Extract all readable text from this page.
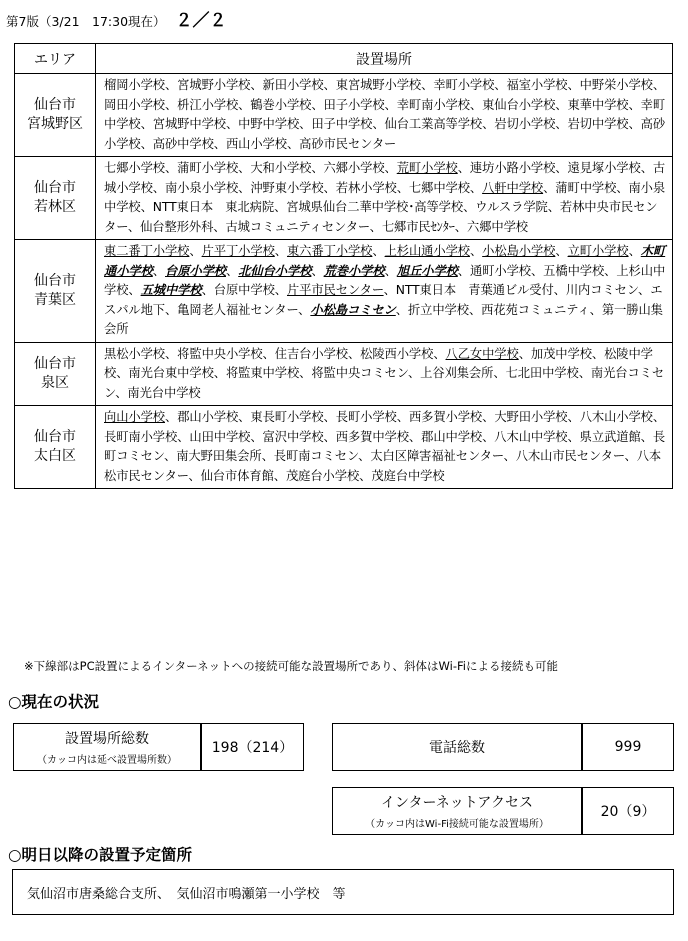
第7版（3/21　17:30現在） ２／２
エリア	設置場所

仙台市
宮城野区	榴岡小学校、宮城野小学校、新田小学校、東宮城野小学校、幸町小学校、福室小学校、中野栄小学校、岡田小学校、枡江小学校、鶴巻小学校、田子小学校、幸町南小学校、東仙台小学校、東華中学校、幸町中学校、宮城野中学校、中野中学校、田子中学校、仙台工業高等学校、岩切小学校、岩切中学校、高砂小学校、高砂中学校、西山小学校、高砂市民センター

仙台市
若林区	七郷小学校、蒲町小学校、大和小学校、六郷小学校、荒町小学校、連坊小路小学校、遠見塚小学校、古城小学校、南小泉小学校、沖野東小学校、若林小学校、七郷中学校、八軒中学校、蒲町中学校、南小泉中学校、NTT東日本　東北病院、宮城県仙台二華中学校･高等学校、ウルスラ学院、若林中央市民センター、仙台整形外科、古城コミュニティセンター、七郷市民ｾﾝﾀｰ、六郷中学校

仙台市
青葉区	東二番丁小学校、片平丁小学校、東六番丁小学校、上杉山通小学校、小松島小学校、立町小学校、木町通小学校、台原小学校、北仙台小学校、荒巻小学校、旭丘小学校、通町小学校、五橋中学校、上杉山中学校、五城中学校、台原中学校、片平市民センター、NTT東日本　青葉通ビル受付、川内コミセン、エスパル地下、亀岡老人福祉センター、小松島コミセン、折立中学校、西花苑コミュニティ、第一勝山集会所

仙台市
泉区	黒松小学校、将監中央小学校、住吉台小学校、松陵西小学校、八乙女中学校、加茂中学校、松陵中学校、南光台東中学校、将監東中学校、将監中央コミセン、上谷刈集会所、七北田中学校、南光台コミセン、南光台中学校

仙台市
太白区	向山小学校、郡山小学校、東長町小学校、長町小学校、西多賀小学校、大野田小学校、八木山小学校、長町南小学校、山田中学校、富沢中学校、西多賀中学校、郡山中学校、八木山中学校、県立武道館、長町コミセン、南大野田集会所、長町南コミセン、太白区障害福祉センター、八木山市民センター、八本松市民センター、仙台市体育館、茂庭台小学校、茂庭台中学校
※下線部はPC設置によるインターネットへの接続可能な設置場所であり、斜体はWi-Fiによる接続も可能
○現在の状況
設置場所総数
（カッコ内は延べ設置場所数）
198（214）	電話総数	999
インターネットアクセス
（カッコ内はWi-Fi接続可能な設置場所）
20（9）
○明日以降の設置予定箇所
気仙沼市唐桑総合支所、　気仙沼市鳴瀬第一小学校　等
